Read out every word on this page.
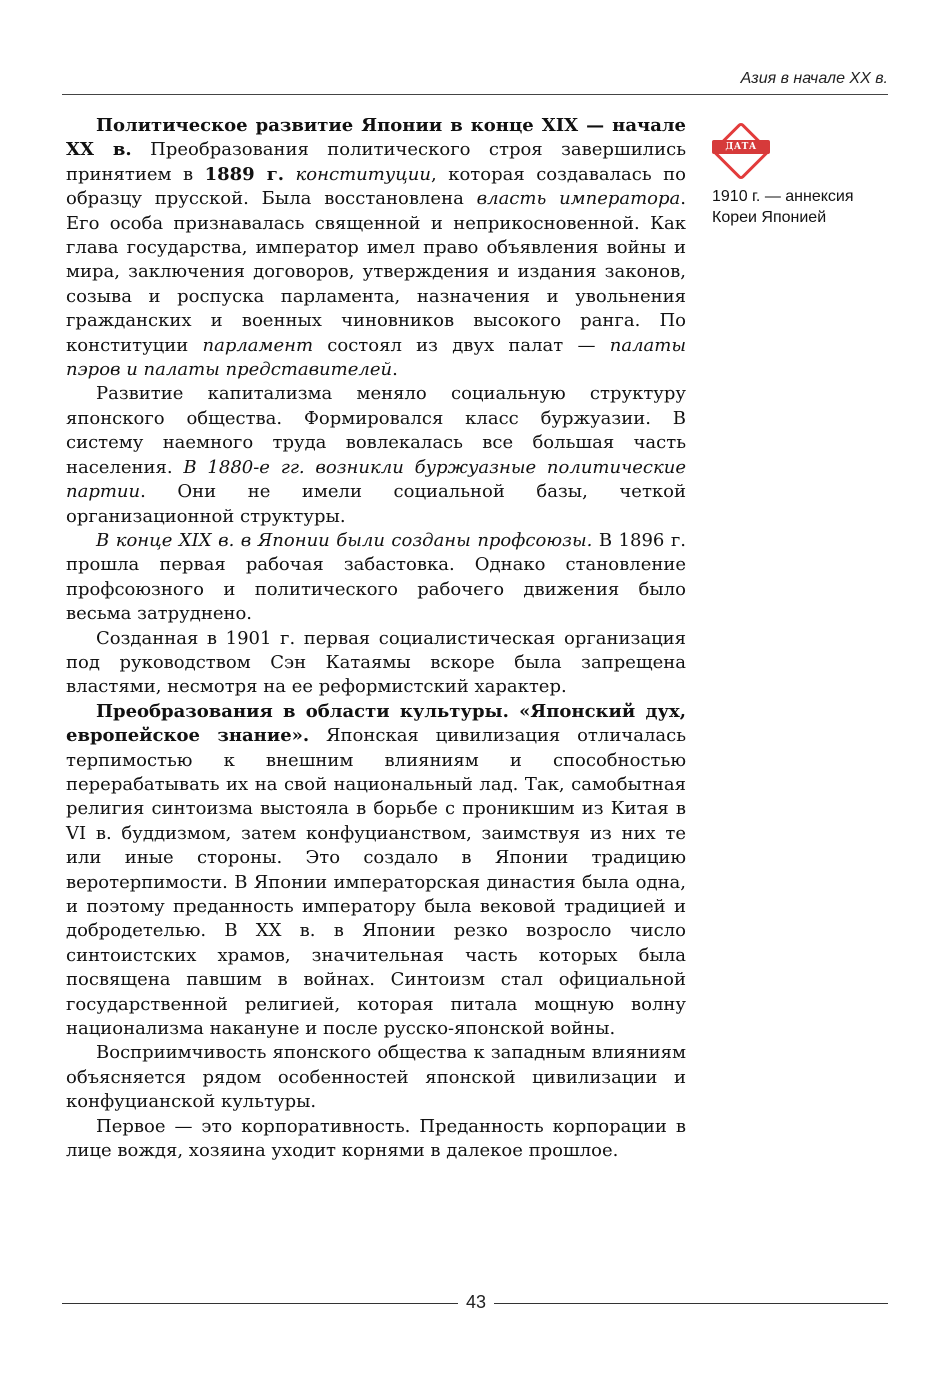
Азия в начале XX в.

Политическое развитие Японии в конце XIX — начале XX в. Преобразования политического строя завершились принятием в 1889 г. конституции, которая создавалась по образцу прусской. Была восстановлена власть императора. Его особа признавалась священной и неприкосновенной. Как глава государства, император имел право объявления войны и мира, заключения договоров, утверждения и издания законов, созыва и роспуска парламента, назначения и увольнения гражданских и военных чиновников высокого ранга. По конституции парламент состоял из двух палат — палаты пэров и палаты представителей.

Развитие капитализма меняло социальную структуру японского общества. Формировался класс буржуазии. В систему наемного труда вовлекалась все большая часть населения. В 1880-е гг. возникли буржуазные политические партии. Они не имели социальной базы, четкой организационной структуры.

В конце XIX в. в Японии были созданы профсоюзы. В 1896 г. прошла первая рабочая забастовка. Однако становление профсоюзного и политического рабочего движения было весьма затруднено.

Созданная в 1901 г. первая социалистическая организация под руководством Сэн Катаямы вскоре была запрещена властями, несмотря на ее реформистский характер.

Преобразования в области культуры. «Японский дух, европейское знание». Японская цивилизация отличалась терпимостью к внешним влияниям и способностью перерабатывать их на свой национальный лад. Так, самобытная религия синтоизма выстояла в борьбе с проникшим из Китая в VI в. буддизмом, затем конфуцианством, заимствуя из них те или иные стороны. Это создало в Японии традицию веротерпимости. В Японии императорская династия была одна, и поэтому преданность императору была вековой традицией и добродетелью. В XX в. в Японии резко возросло число синтоистских храмов, значительная часть которых была посвящена павшим в войнах. Синтоизм стал официальной государственной религией, которая питала мощную волну национализма накануне и после русско-японской войны.

Восприимчивость японского общества к западным влияниям объясняется рядом особенностей японской цивилизации и конфуцианской культуры.

Первое — это корпоративность. Преданность корпорации в лице вождя, хозяина уходит корнями в далекое прошлое.

ДАТА
1910 г. — аннексия Кореи Японией
43
